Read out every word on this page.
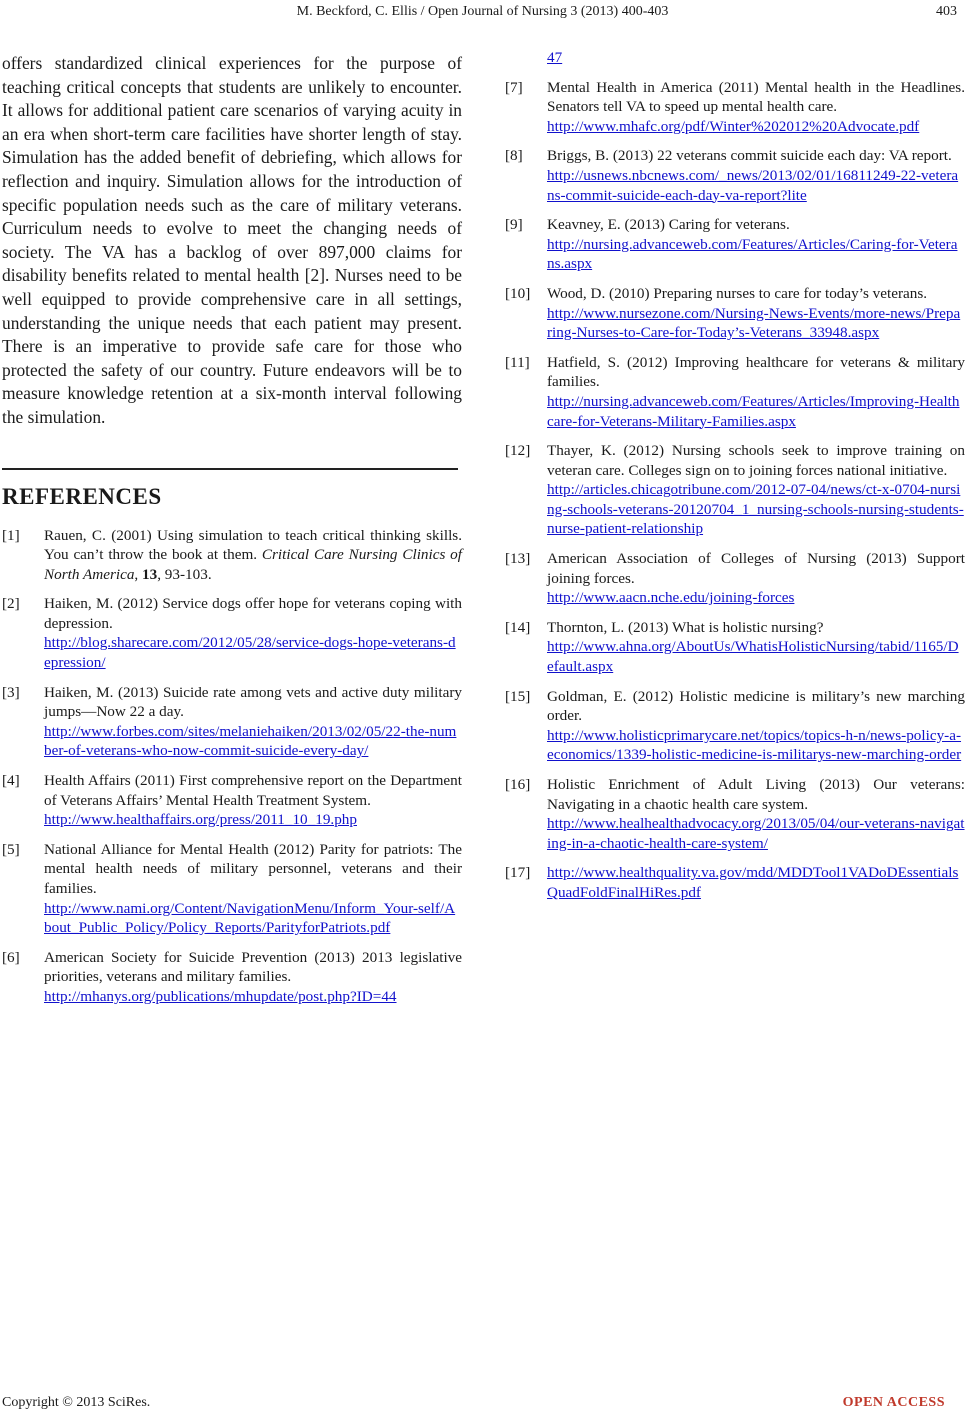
M. Beckford, C. Ellis / Open Journal of Nursing 3 (2013) 400-403	403

offers standardized clinical experiences for the purpose of teaching critical concepts that students are unlikely to encounter. It allows for additional patient care scenarios of varying acuity in an era when short-term care facilities have shorter length of stay. Simulation has the added benefit of debriefing, which allows for reflection and inquiry. Simulation allows for the introduction of specific population needs such as the care of military veterans. Curriculum needs to evolve to meet the changing needs of society. The VA has a backlog of over 897,000 claims for disability benefits related to mental health [2]. Nurses need to be well equipped to provide comprehensive care in all settings, understanding the unique needs that each patient may present. There is an imperative to provide safe care for those who protected the safety of our country. Future endeavors will be to measure knowledge retention at a six-month interval following the simulation.

REFERENCES
[1]	Rauen, C. (2001) Using simulation to teach critical thinking skills. You can’t throw the book at them. Critical Care Nursing Clinics of North America, 13, 93-103.
[2]	Haiken, M. (2012) Service dogs offer hope for veterans coping with depression.
http://blog.sharecare.com/2012/05/28/service-dogs-hope-veterans-depression/
[3]	Haiken, M. (2013) Suicide rate among vets and active duty military jumps—Now 22 a day.
http://www.forbes.com/sites/melaniehaiken/2013/02/05/22-the-number-of-veterans-who-now-commit-suicide-every-day/
[4]	Health Affairs (2011) First comprehensive report on the Department of Veterans Affairs’ Mental Health Treatment System.
http://www.healthaffairs.org/press/2011_10_19.php
[5]	National Alliance for Mental Health (2012) Parity for patriots: The mental health needs of military personnel, veterans and their families.
http://www.nami.org/Content/NavigationMenu/Inform_Your-self/About_Public_Policy/Policy_Reports/ParityforPatriots.pdf
[6]	American Society for Suicide Prevention (2013) 2013 legislative priorities, veterans and military families.
http://mhanys.org/publications/mhupdate/post.php?ID=44
47
[7]	Mental Health in America (2011) Mental health in the Headlines. Senators tell VA to speed up mental health care.
http://www.mhafc.org/pdf/Winter%202012%20Advocate.pdf
[8]	Briggs, B. (2013) 22 veterans commit suicide each day: VA report.
http://usnews.nbcnews.com/_news/2013/02/01/16811249-22-veterans-commit-suicide-each-day-va-report?lite
[9]	Keavney, E. (2013) Caring for veterans.
http://nursing.advanceweb.com/Features/Articles/Caring-for-Veterans.aspx
[10]	Wood, D. (2010) Preparing nurses to care for today’s veterans.
http://www.nursezone.com/Nursing-News-Events/more-news/Preparing-Nurses-to-Care-for-Today’s-Veterans_33948.aspx
[11]	Hatfield, S. (2012) Improving healthcare for veterans & military families.
http://nursing.advanceweb.com/Features/Articles/Improving-Healthcare-for-Veterans-Military-Families.aspx
[12]	Thayer, K. (2012) Nursing schools seek to improve training on veteran care. Colleges sign on to joining forces national initiative.
http://articles.chicagotribune.com/2012-07-04/news/ct-x-0704-nursing-schools-veterans-20120704_1_nursing-schools-nursing-students-nurse-patient-relationship
[13]	American Association of Colleges of Nursing (2013) Support joining forces.
http://www.aacn.nche.edu/joining-forces
[14]	Thornton, L. (2013) What is holistic nursing?
http://www.ahna.org/AboutUs/WhatisHolisticNursing/tabid/1165/Default.aspx
[15]	Goldman, E. (2012) Holistic medicine is military’s new marching order.
http://www.holisticprimarycare.net/topics/topics-h-n/news-policy-a-economics/1339-holistic-medicine-is-militarys-new-marching-order
[16]	Holistic Enrichment of Adult Living (2013) Our veterans: Navigating in a chaotic health care system.
http://www.healhealthadvocacy.org/2013/05/04/our-veterans-navigating-in-a-chaotic-health-care-system/
[17]	http://www.healthquality.va.gov/mdd/MDDTool1VADoDEssentialsQuadFoldFinalHiRes.pdf
Copyright © 2013 SciRes.	OPEN ACCESS
